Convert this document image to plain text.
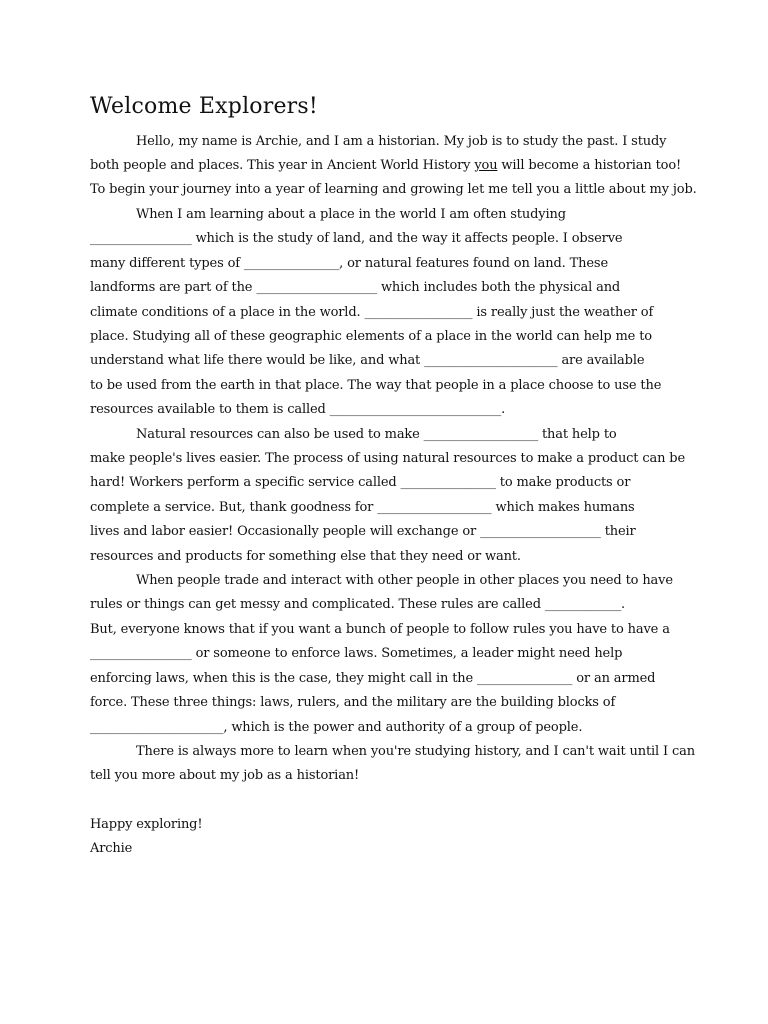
Welcome Explorers!
Hello, my name is Archie, and I am a historian. My job is to study the past. I study
both people and places. This year in Ancient World History you will become a historian too!
To begin your journey into a year of learning and growing let me tell you a little about my job.
When I am learning about a place in the world I am often studying
________________ which is the study of land, and the way it affects people. I observe
many different types of _______________, or natural features found on land. These
landforms are part of the ___________________ which includes both the physical and
climate conditions of a place in the world. _________________ is really just the weather of
place. Studying all of these geographic elements of a place in the world can help me to
understand what life there would be like, and what _____________________ are available
to be used from the earth in that place. The way that people in a place choose to use the
resources available to them is called ___________________________.
Natural resources can also be used to make __________________ that help to
make people's lives easier. The process of using natural resources to make a product can be
hard! Workers perform a specific service called _______________ to make products or
complete a service. But, thank goodness for __________________ which makes humans
lives and labor easier! Occasionally people will exchange or ___________________ their
resources and products for something else that they need or want.
When people trade and interact with other people in other places you need to have
rules or things can get messy and complicated. These rules are called ____________.
But, everyone knows that if you want a bunch of people to follow rules you have to have a
________________ or someone to enforce laws. Sometimes, a leader might need help
enforcing laws, when this is the case, they might call in the _______________ or an armed
force. These three things: laws, rulers, and the military are the building blocks of
_____________________, which is the power and authority of a group of people.
There is always more to learn when you're studying history, and I can't wait until I can
tell you more about my job as a historian!
Happy exploring!
Archie
